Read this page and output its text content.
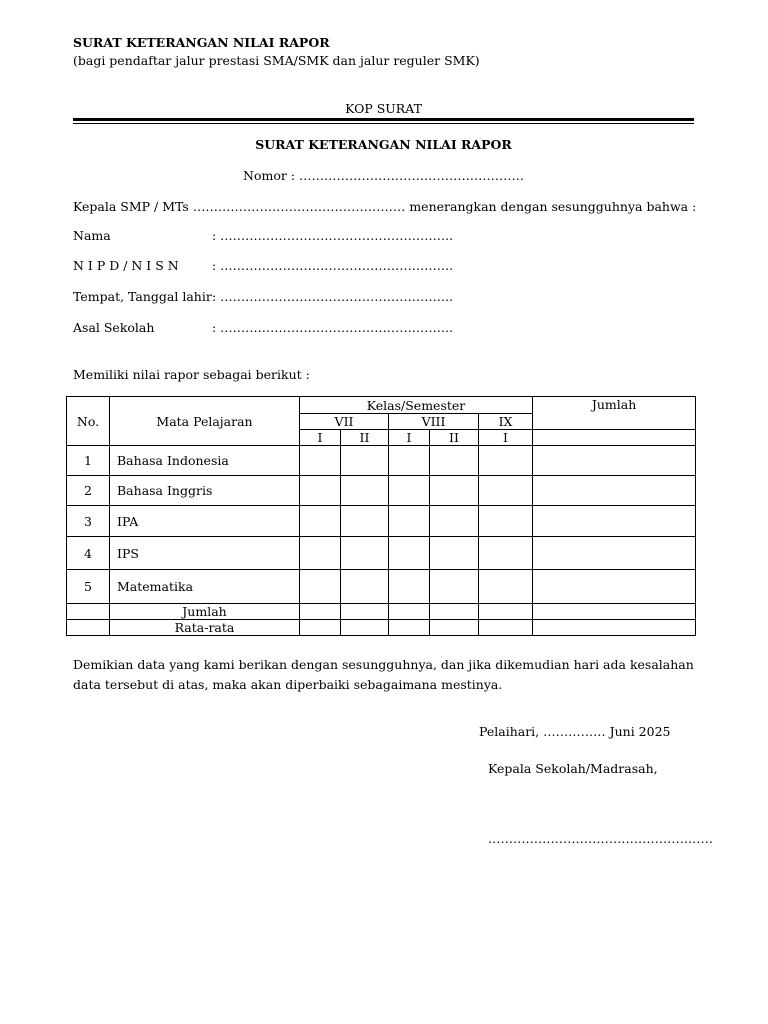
SURAT KETERANGAN NILAI RAPOR
(bagi pendaftar jalur prestasi SMA/SMK dan jalur reguler SMK)
KOP SURAT
SURAT KETERANGAN NILAI RAPOR
Nomor : ………………………………………………
Kepala SMP / MTs …………………………………………… menerangkan dengan sesungguhnya bahwa :
Nama	: ………………………………………………..
N I P D / N I S N	: ………………………………………………..
Tempat, Tanggal lahir : ………………………………………………..
Asal Sekolah	: ………………………………………………..
Memiliki nilai rapor sebagai berikut :
No.	Mata Pelajaran	Kelas/Semester					Jumlah
		VII		VIII		IX	
		I	II	I	II	I	
1	Bahasa Indonesia						
2	Bahasa Inggris						
3	IPA						
4	IPS						
5	Matematika						
	Jumlah						
	Rata-rata						
Demikian data yang kami berikan dengan sesungguhnya, dan jika dikemudian hari ada kesalahan data tersebut di atas, maka akan diperbaiki sebagaimana mestinya.
Pelaihari, …………… Juni 2025
Kepala Sekolah/Madrasah,
………………………………………………
